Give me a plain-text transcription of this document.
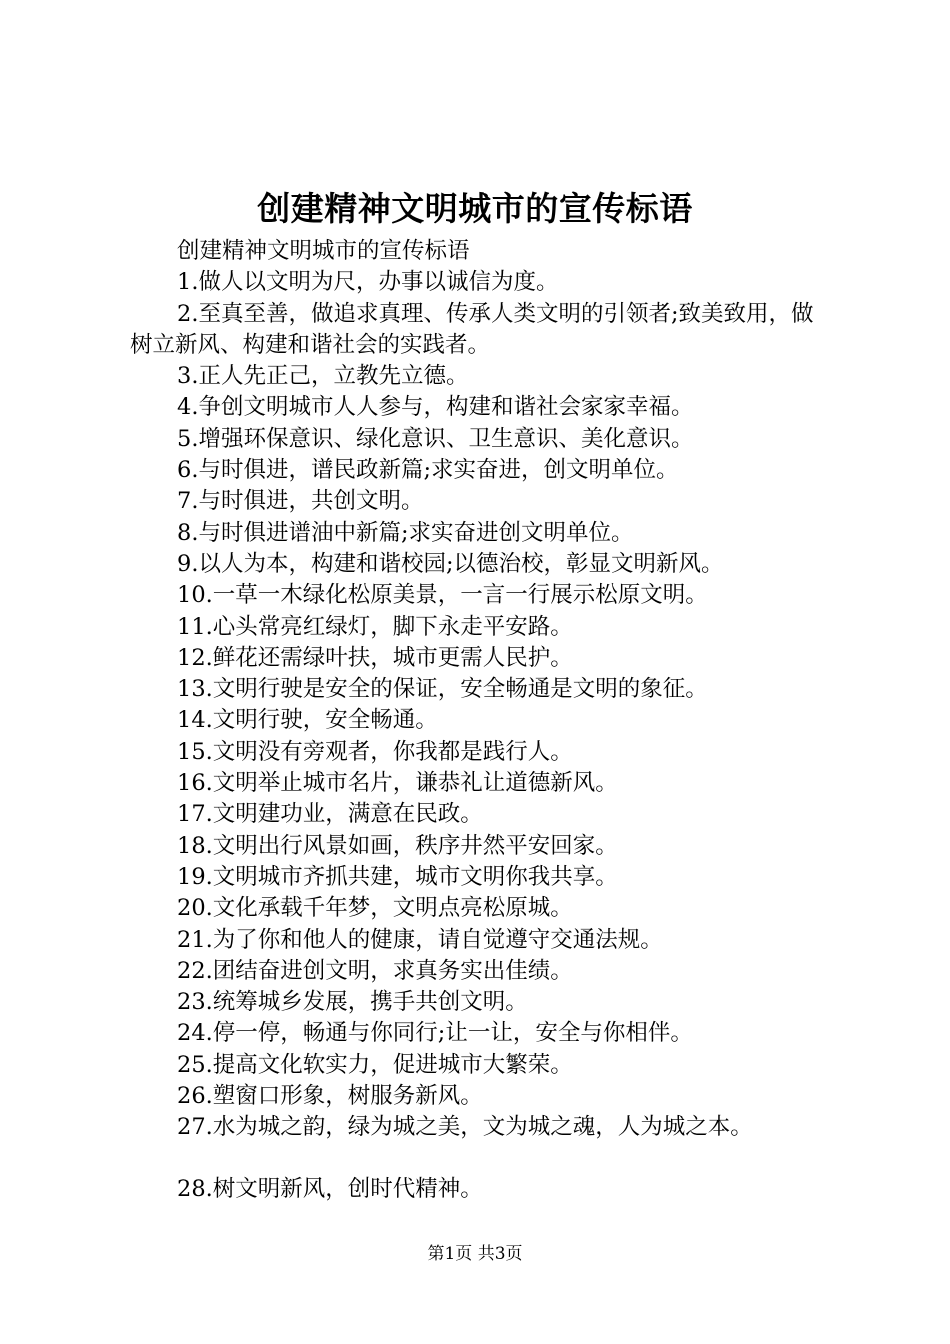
创建精神文明城市的宣传标语

创建精神文明城市的宣传标语

1.做人以文明为尺，办事以诚信为度。

2.至真至善，做追求真理、传承人类文明的引领者;致美致用，做树立新风、构建和谐社会的实践者。

3.正人先正己，立教先立德。

4.争创文明城市人人参与，构建和谐社会家家幸福。

5.增强环保意识、绿化意识、卫生意识、美化意识。

6.与时俱进，谱民政新篇;求实奋进，创文明单位。

7.与时俱进，共创文明。

8.与时俱进谱油中新篇;求实奋进创文明单位。

9.以人为本，构建和谐校园;以德治校，彰显文明新风。

10.一草一木绿化松原美景，一言一行展示松原文明。

11.心头常亮红绿灯，脚下永走平安路。

12.鲜花还需绿叶扶，城市更需人民护。

13.文明行驶是安全的保证，安全畅通是文明的象征。

14.文明行驶，安全畅通。

15.文明没有旁观者，你我都是践行人。

16.文明举止城市名片，谦恭礼让道德新风。

17.文明建功业，满意在民政。

18.文明出行风景如画，秩序井然平安回家。

19.文明城市齐抓共建，城市文明你我共享。

20.文化承载千年梦，文明点亮松原城。

21.为了你和他人的健康，请自觉遵守交通法规。

22.团结奋进创文明，求真务实出佳绩。

23.统筹城乡发展，携手共创文明。

24.停一停，畅通与你同行;让一让，安全与你相伴。

25.提高文化软实力，促进城市大繁荣。

26.塑窗口形象，树服务新风。

27.水为城之韵，绿为城之美，文为城之魂，人为城之本。

28.树文明新风，创时代精神。

第1页 共3页
